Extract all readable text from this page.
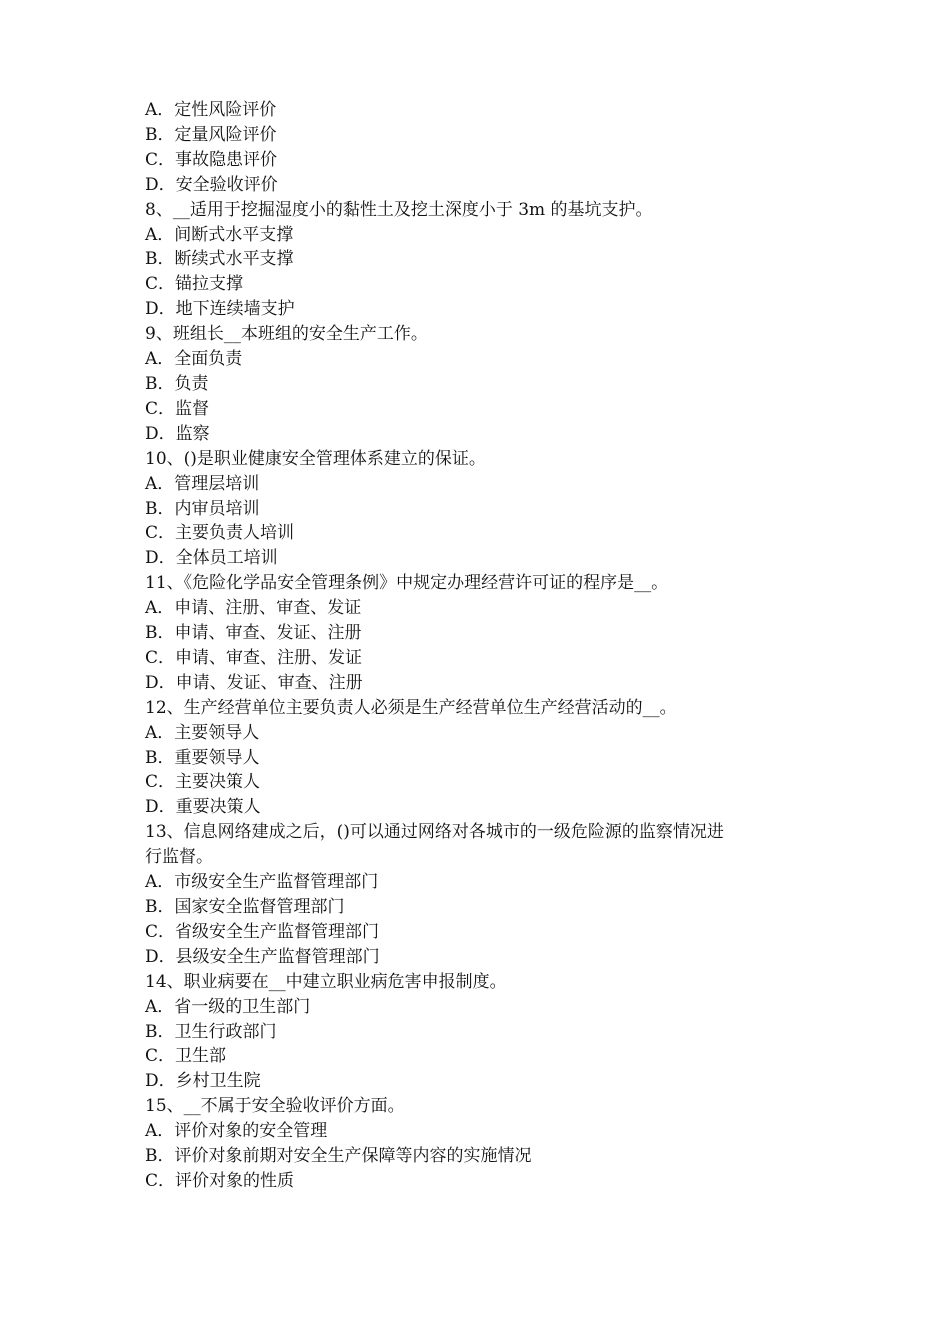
A．定性风险评价

B．定量风险评价

C．事故隐患评价

D．安全验收评价

8、__适用于挖掘湿度小的黏性土及挖土深度小于 3m 的基坑支护。

A．间断式水平支撑

B．断续式水平支撑

C．锚拉支撑

D．地下连续墙支护

9、班组长__本班组的安全生产工作。

A．全面负责

B．负责

C．监督

D．监察

10、()是职业健康安全管理体系建立的保证。

A．管理层培训

B．内审员培训

C．主要负责人培训

D．全体员工培训

11、《危险化学品安全管理条例》中规定办理经营许可证的程序是__。

A．申请、注册、审查、发证

B．申请、审查、发证、注册

C．申请、审查、注册、发证

D．申请、发证、审查、注册

12、生产经营单位主要负责人必须是生产经营单位生产经营活动的__。

A．主要领导人

B．重要领导人

C．主要决策人

D．重要决策人

13、信息网络建成之后，()可以通过网络对各城市的一级危险源的监察情况进

行监督。

A．市级安全生产监督管理部门

B．国家安全监督管理部门

C．省级安全生产监督管理部门

D．县级安全生产监督管理部门

14、职业病要在__中建立职业病危害申报制度。

A．省一级的卫生部门

B．卫生行政部门

C．卫生部

D．乡村卫生院

15、__不属于安全验收评价方面。

A．评价对象的安全管理

B．评价对象前期对安全生产保障等内容的实施情况

C．评价对象的性质
